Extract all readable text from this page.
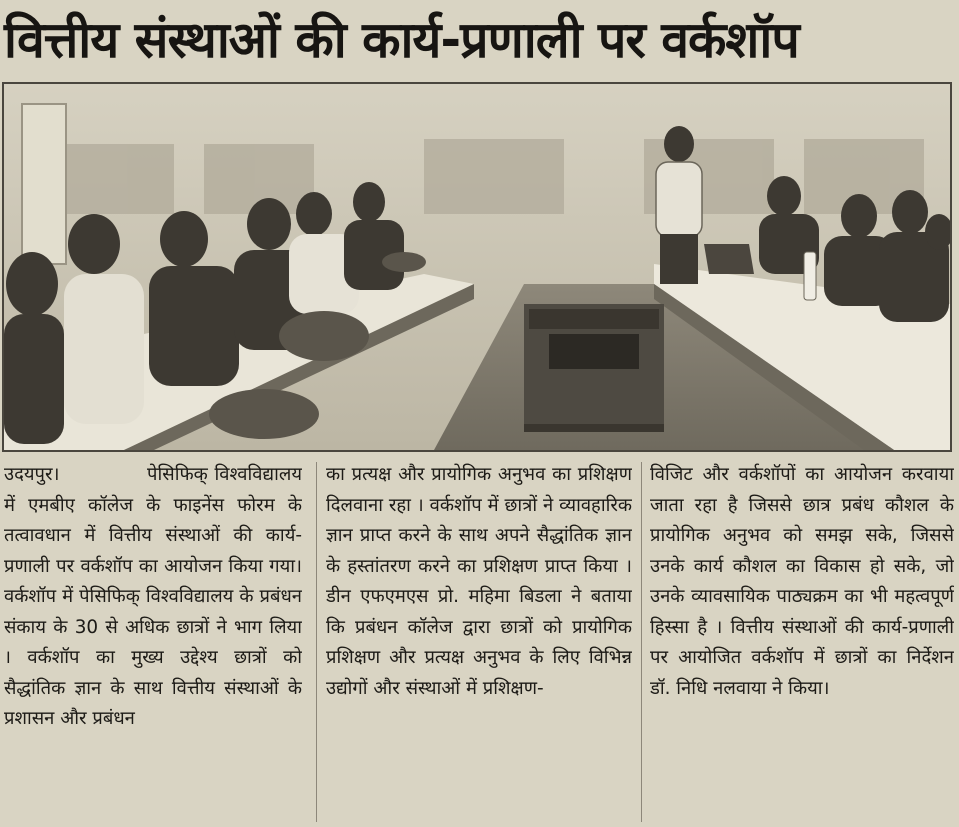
वित्तीय संस्थाओं की कार्य-प्रणाली पर वर्कशॉप

उदयपुर।	पेसिफिक् विश्वविद्यालय में एमबीए कॉलेज के फाइनेंस फोरम के तत्वावधान में वित्तीय संस्थाओं की कार्य-प्रणाली पर वर्कशॉप का आयोजन किया गया। वर्कशॉप में पेसिफिक् विश्वविद्यालय के प्रबंधन संकाय के 30 से अधिक छात्रों ने भाग लिया । वर्कशॉप का मुख्य उद्देश्य छात्रों को सैद्धांतिक ज्ञान के साथ वित्तीय संस्थाओं के प्रशासन और प्रबंधन

का प्रत्यक्ष और प्रायोगिक अनुभव का प्रशिक्षण दिलवाना रहा । वर्कशॉप में छात्रों ने व्यावहारिक ज्ञान प्राप्त करने के साथ अपने सैद्धांतिक ज्ञान के हस्तांतरण करने का प्रशिक्षण प्राप्त किया । डीन एफएमएस प्रो. महिमा बिडला ने बताया कि प्रबंधन कॉलेज द्वारा छात्रों को प्रायोगिक प्रशिक्षण और प्रत्यक्ष अनुभव के लिए विभिन्न उद्योगों और संस्थाओं में प्रशिक्षण-

विजिट और वर्कशॉपों का आयोजन करवाया जाता रहा है जिससे छात्र प्रबंध कौशल के प्रायोगिक अनुभव को समझ सके, जिससे उनके कार्य कौशल का विकास हो सके, जो उनके व्यावसायिक पाठ्यक्रम का भी महत्वपूर्ण हिस्सा है । वित्तीय संस्थाओं की कार्य-प्रणाली पर आयोजित वर्कशॉप में छात्रों का निर्देशन डॉ. निधि नलवाया ने किया।
